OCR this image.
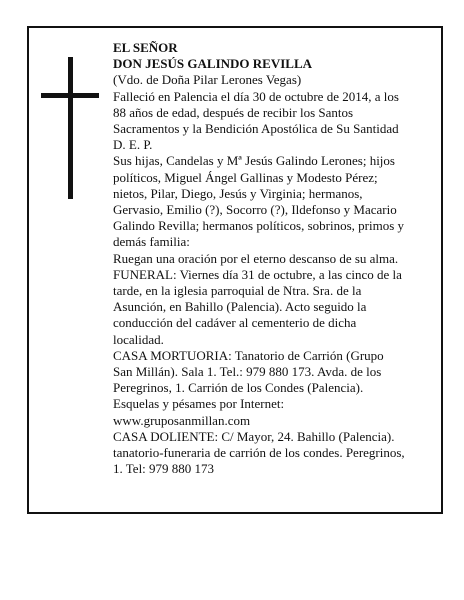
EL SEÑOR
DON JESÚS GALINDO REVILLA
(Vdo. de Doña Pilar Lerones Vegas)
Falleció en Palencia el día 30 de octubre de 2014, a los
88 años de edad, después de recibir los Santos
Sacramentos y la Bendición Apostólica de Su Santidad
D. E. P.
Sus hijas, Candelas y Mª Jesús Galindo Lerones; hijos
políticos, Miguel Ángel Gallinas y Modesto Pérez;
nietos, Pilar, Diego, Jesús y Virginia; hermanos,
Gervasio, Emilio (?), Socorro (?), Ildefonso y Macario
Galindo Revilla; hermanos políticos, sobrinos, primos y
demás familia:
Ruegan una oración por el eterno descanso de su alma.
FUNERAL: Viernes día 31 de octubre, a las cinco de la
tarde, en la iglesia parroquial de Ntra. Sra. de la
Asunción, en Bahillo (Palencia). Acto seguido la
conducción del cadáver al cementerio de dicha
localidad.
CASA MORTUORIA: Tanatorio de Carrión (Grupo
San Millán). Sala 1. Tel.: 979 880 173. Avda. de los
Peregrinos, 1. Carrión de los Condes (Palencia).
Esquelas y pésames por Internet:
www.gruposanmillan.com
CASA DOLIENTE: C/ Mayor, 24. Bahillo (Palencia).
tanatorio-funeraria de carrión de los condes. Peregrinos,
1. Tel: 979 880 173
